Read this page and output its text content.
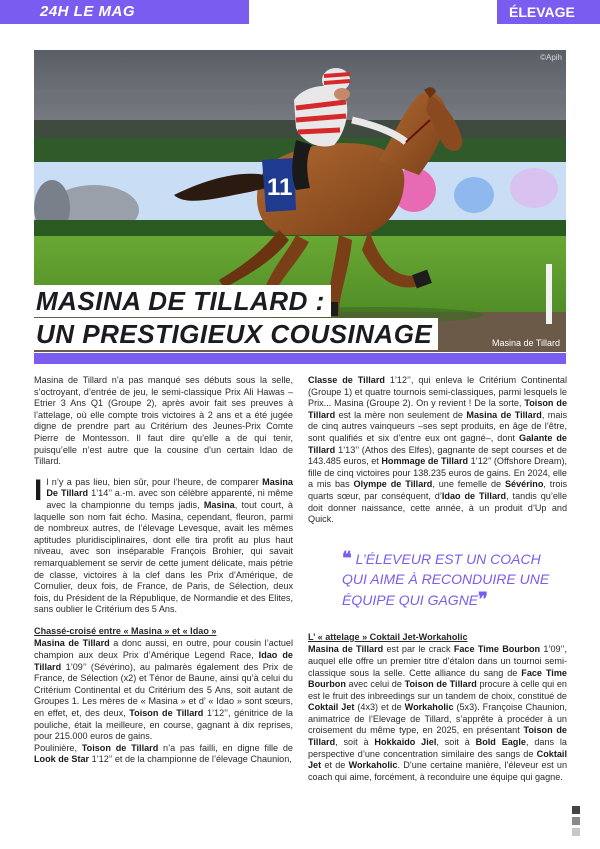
24H LE MAG	ÉLEVAGE
11
©Apih
Masina de Tillard
MASINA DE TILLARD :
UN PRESTIGIEUX COUSINAGE

Masina de Tillard n’a pas manqué ses débuts sous la selle, s’octroyant, d’entrée de jeu, le semi-classique Prix Ali Hawas – Etrier 3 Ans Q1 (Groupe 2), après avoir fait ses preuves à l’attelage, où elle compte trois victoires à 2 ans et a été jugée digne de prendre part au Critérium des Jeunes-Prix Comte Pierre de Montesson. Il faut dire qu’elle a de qui tenir, puisqu’elle n’est autre que la cousine d’un certain Idao de Tillard.

Il n’y a pas lieu, bien sûr, pour l’heure, de comparer Masina De Tillard 1’14’’ a.-m. avec son célèbre apparenté, ni même avec la championne du temps jadis, Masina, tout court, à laquelle son nom fait écho. Masina, cependant, fleuron, parmi de nombreux autres, de l’élevage Levesque, avait les mêmes aptitudes pluridisciplinaires, dont elle tira profit au plus haut niveau, avec son inséparable François Brohier, qui savait remarquablement se servir de cette jument délicate, mais pétrie de classe, victoires à la clef dans les Prix d’Amérique, de Cornulier, deux fois, de France, de Paris, de Sélection, deux fois, du Président de la République, de Normandie et des Elites, sans oublier le Critérium des 5 Ans.

Chassé-croisé entre « Masina » et « Idao »

Masina de Tillard a donc aussi, en outre, pour cousin l’actuel champion aux deux Prix d’Amérique Legend Race, Idao de Tillard 1’09’’ (Sévérino), au palmarès également des Prix de France, de Sélection (x2) et Ténor de Baune, ainsi qu’à celui du Critérium Continental et du Critérium des 5 Ans, soit autant de Groupes 1. Les mères de « Masina » et d’ « Idao » sont sœurs, en effet, et, des deux, Toison de Tillard 1’12’’, génitrice de la pouliche, était la meilleure, en course, gagnant à dix reprises, pour 215.000 euros de gains.

Poulinière, Toison de Tillard n’a pas failli, en digne fille de Look de Star 1’12’’ et de la championne de l’élevage Chaunion,

Classe de Tillard 1’12’’, qui enleva le Critérium Continental (Groupe 1) et quatre tournois semi-classiques, parmi lesquels le Prix... Masina (Groupe 2). On y revient ! De la sorte, Toison de Tillard est la mère non seulement de Masina de Tillard, mais de cinq autres vainqueurs –ses sept produits, en âge de l’être, sont qualifiés et six d’entre eux ont gagné–, dont Galante de Tillard 1’13’’ (Athos des Elfes), gagnante de sept courses et de 143.485 euros, et Hommage de Tillard 1’12’’ (Offshore Dream), fille de cinq victoires pour 138.235 euros de gains. En 2024, elle a mis bas Olympe de Tillard, une femelle de Sévérino, trois quarts sœur, par conséquent, d’Idao de Tillard, tandis qu’elle doit donner naissance, cette année, à un produit d’Up and Quick.

❝ L’ÉLEVEUR EST UN COACH QUI AIME À RECONDUIRE UNE ÉQUIPE QUI GAGNE❞

L’ « attelage » Coktail Jet-Workaholic

Masina de Tillard est par le crack Face Time Bourbon 1’09’’, auquel elle offre un premier titre d’étalon dans un tournoi semi-classique sous la selle. Cette alliance du sang de Face Time Bourbon avec celui de Toison de Tillard procure à celle qui en est le fruit des inbreedings sur un tandem de choix, constitué de Coktail Jet (4x3) et de Workaholic (5x3). Françoise Chaunion, animatrice de l’Elevage de Tillard, s’apprête à procéder à un croisement du même type, en 2025, en présentant Toison de Tillard, soit à Hokkaido Jiel, soit à Bold Eagle, dans la perspective d’une concentration similaire des sangs de Coktail Jet et de Workaholic. D’une certaine manière, l’éleveur est un coach qui aime, forcément, à reconduire une équipe qui gagne.
